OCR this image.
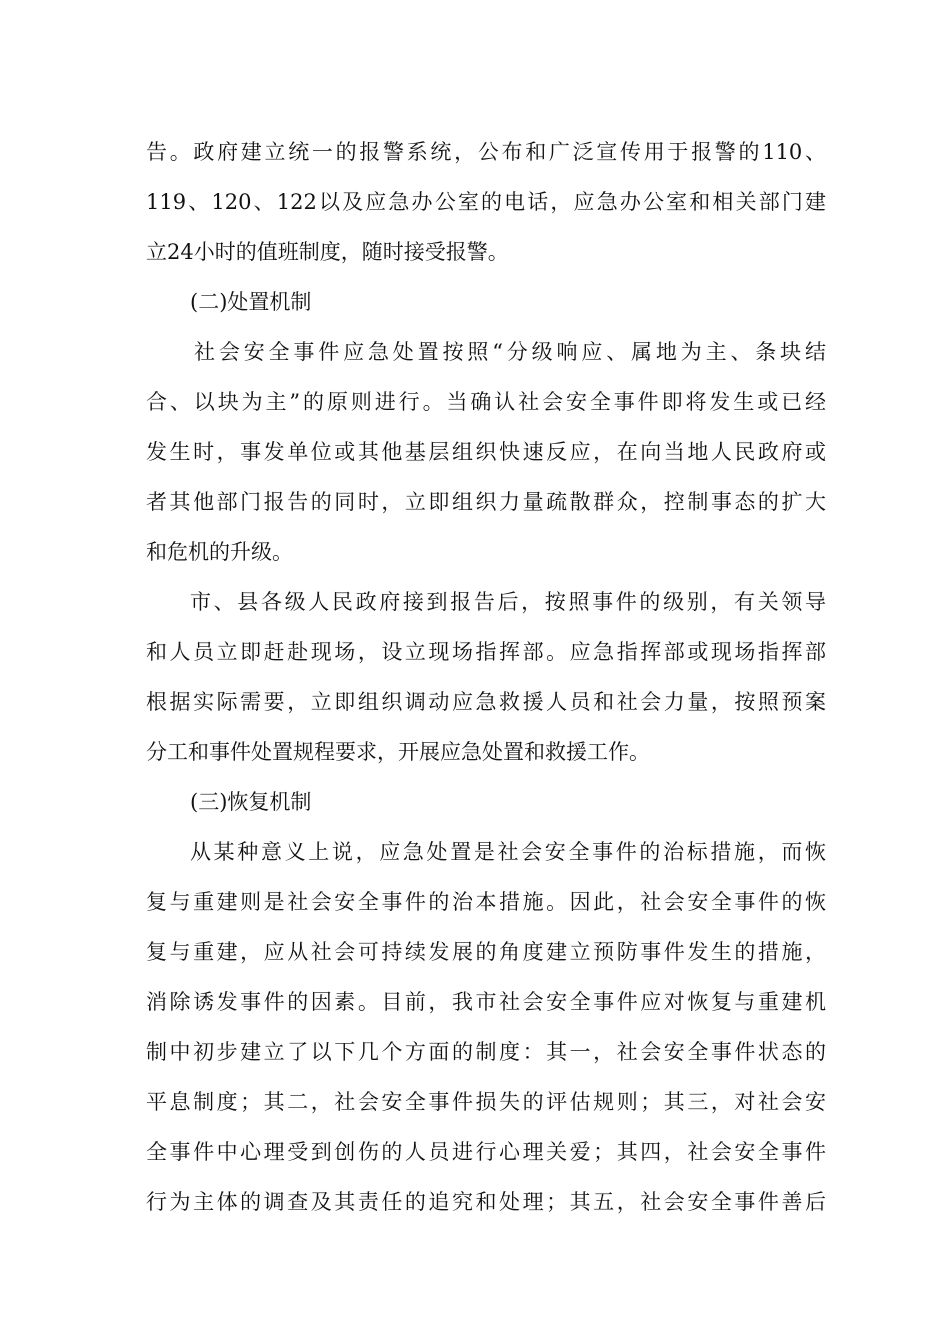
告。政府建立统一的报警系统，公布和广泛宣传用于报警的110、
119、120、122以及应急办公室的电话，应急办公室和相关部门建
立24小时的值班制度，随时接受报警。
(二)处置机制
社会安全事件应急处置按照“分级响应、属地为主、条块结
合、以块为主”的原则进行。当确认社会安全事件即将发生或已经
发生时，事发单位或其他基层组织快速反应，在向当地人民政府或
者其他部门报告的同时，立即组织力量疏散群众，控制事态的扩大
和危机的升级。
市、县各级人民政府接到报告后，按照事件的级别，有关领导
和人员立即赶赴现场，设立现场指挥部。应急指挥部或现场指挥部
根据实际需要，立即组织调动应急救援人员和社会力量，按照预案
分工和事件处置规程要求，开展应急处置和救援工作。
(三)恢复机制
从某种意义上说，应急处置是社会安全事件的治标措施，而恢
复与重建则是社会安全事件的治本措施。因此，社会安全事件的恢
复与重建，应从社会可持续发展的角度建立预防事件发生的措施，
消除诱发事件的因素。目前，我市社会安全事件应对恢复与重建机
制中初步建立了以下几个方面的制度：其一，社会安全事件状态的
平息制度；其二，社会安全事件损失的评估规则；其三，对社会安
全事件中心理受到创伤的人员进行心理关爱；其四，社会安全事件
行为主体的调查及其责任的追究和处理；其五，社会安全事件善后
